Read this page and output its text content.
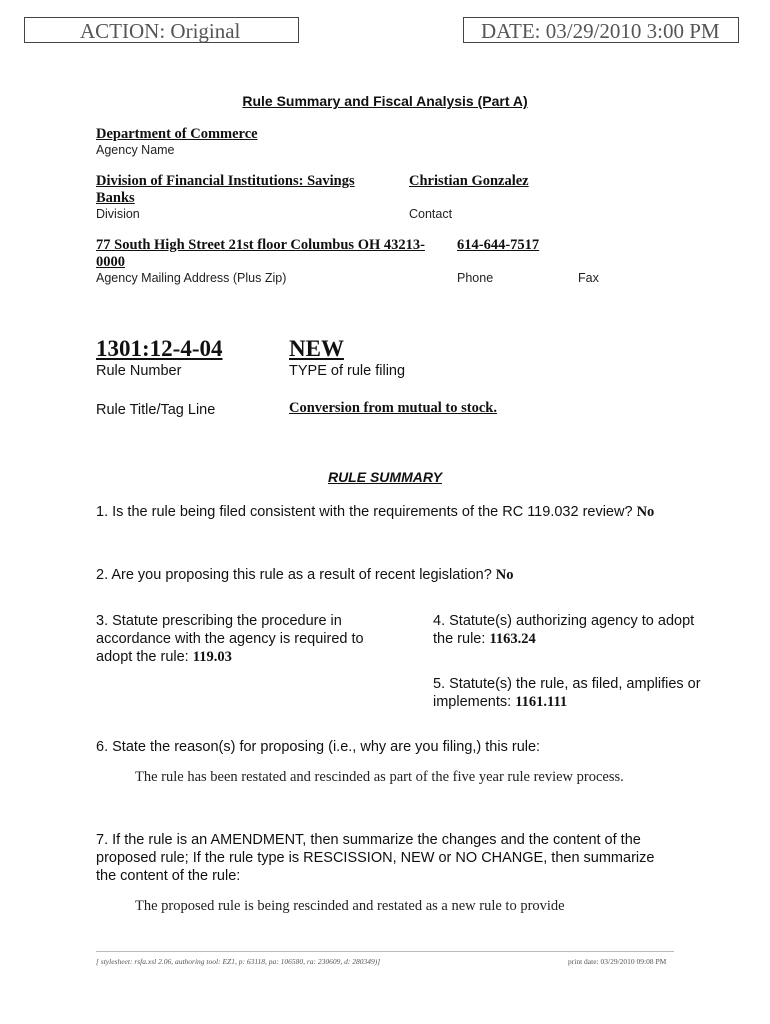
ACTION: Original	DATE: 03/29/2010 3:00 PM
Rule Summary and Fiscal Analysis (Part A)
Department of Commerce
Agency Name
Division of Financial Institutions: Savings Banks
Division
Christian Gonzalez
Contact
77 South High Street 21st floor Columbus OH 43213-0000
Agency Mailing Address (Plus Zip)
614-644-7517
Phone	Fax
1301:12-4-04
Rule Number
NEW
TYPE of rule filing
Rule Title/Tag Line	Conversion from mutual to stock.
RULE SUMMARY
1. Is the rule being filed consistent with the requirements of the RC 119.032 review? No
2. Are you proposing this rule as a result of recent legislation? No
3. Statute prescribing the procedure in accordance with the agency is required to adopt the rule: 119.03
4. Statute(s) authorizing agency to adopt the rule: 1163.24
5. Statute(s) the rule, as filed, amplifies or implements: 1161.111
6. State the reason(s) for proposing (i.e., why are you filing,) this rule:
The rule has been restated and rescinded as part of the five year rule review process.
7. If the rule is an AMENDMENT, then summarize the changes and the content of the proposed rule; If the rule type is RESCISSION, NEW or NO CHANGE, then summarize the content of the rule:
The proposed rule is being rescinded and restated as a new rule to provide
[ stylesheet: rsfa.xsl 2.06, authoring tool: EZ1, p: 63118, pa: 106580, ra: 230609, d: 280349)]	print date: 03/29/2010 09:08 PM
